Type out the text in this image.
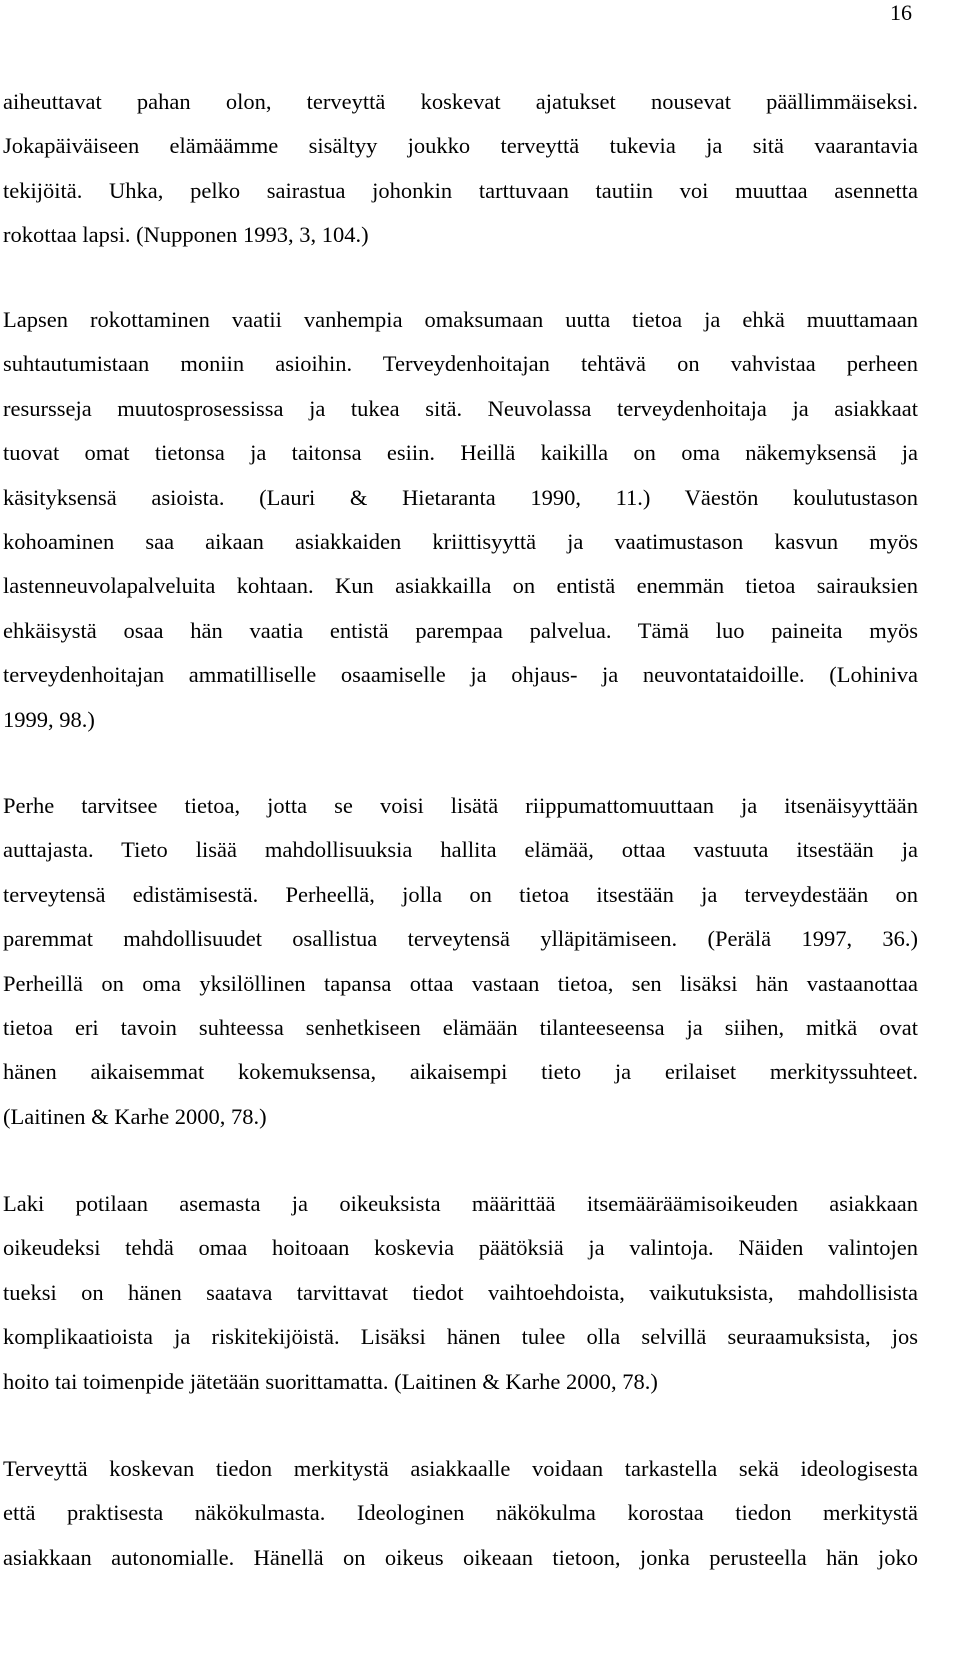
16
aiheuttavat pahan olon, terveyttä koskevat ajatukset nousevat päällimmäiseksi.
Jokapäiväiseen elämäämme sisältyy joukko terveyttä tukevia ja sitä vaarantavia
tekijöitä. Uhka, pelko sairastua johonkin tarttuvaan tautiin voi muuttaa asennetta
rokottaa lapsi. (Nupponen 1993, 3, 104.)
Lapsen rokottaminen vaatii vanhempia omaksumaan uutta tietoa ja ehkä muuttamaan
suhtautumistaan moniin asioihin. Terveydenhoitajan tehtävä on vahvistaa perheen
resursseja muutosprosessissa ja tukea sitä. Neuvolassa terveydenhoitaja ja asiakkaat
tuovat omat tietonsa ja taitonsa esiin. Heillä kaikilla on oma näkemyksensä ja
käsityksensä asioista. (Lauri & Hietaranta 1990, 11.) Väestön koulutustason
kohoaminen saa aikaan asiakkaiden kriittisyyttä ja vaatimustason kasvun myös
lastenneuvolapalveluita kohtaan. Kun asiakkailla on entistä enemmän tietoa sairauksien
ehkäisystä osaa hän vaatia entistä parempaa palvelua. Tämä luo paineita myös
terveydenhoitajan ammatilliselle osaamiselle ja ohjaus- ja neuvontataidoille. (Lohiniva
1999, 98.)
Perhe tarvitsee tietoa, jotta se voisi lisätä riippumattomuuttaan ja itsenäisyyttään
auttajasta. Tieto lisää mahdollisuuksia hallita elämää, ottaa vastuuta itsestään ja
terveytensä edistämisestä. Perheellä, jolla on tietoa itsestään ja terveydestään on
paremmat mahdollisuudet osallistua terveytensä ylläpitämiseen. (Perälä 1997, 36.)
Perheillä on oma yksilöllinen tapansa ottaa vastaan tietoa, sen lisäksi hän vastaanottaa
tietoa eri tavoin suhteessa senhetkiseen elämään tilanteeseensa ja siihen, mitkä ovat
hänen aikaisemmat kokemuksensa, aikaisempi tieto ja erilaiset merkityssuhteet.
(Laitinen & Karhe 2000, 78.)
Laki potilaan asemasta ja oikeuksista määrittää itsemääräämisoikeuden asiakkaan
oikeudeksi tehdä omaa hoitoaan koskevia päätöksiä ja valintoja. Näiden valintojen
tueksi on hänen saatava tarvittavat tiedot vaihtoehdoista, vaikutuksista, mahdollisista
komplikaatioista ja riskitekijöistä. Lisäksi hänen tulee olla selvillä seuraamuksista, jos
hoito tai toimenpide jätetään suorittamatta. (Laitinen & Karhe 2000, 78.)
Terveyttä koskevan tiedon merkitystä asiakkaalle voidaan tarkastella sekä ideologisesta
että praktisesta näkökulmasta. Ideologinen näkökulma korostaa tiedon merkitystä
asiakkaan autonomialle. Hänellä on oikeus oikeaan tietoon, jonka perusteella hän jokо
